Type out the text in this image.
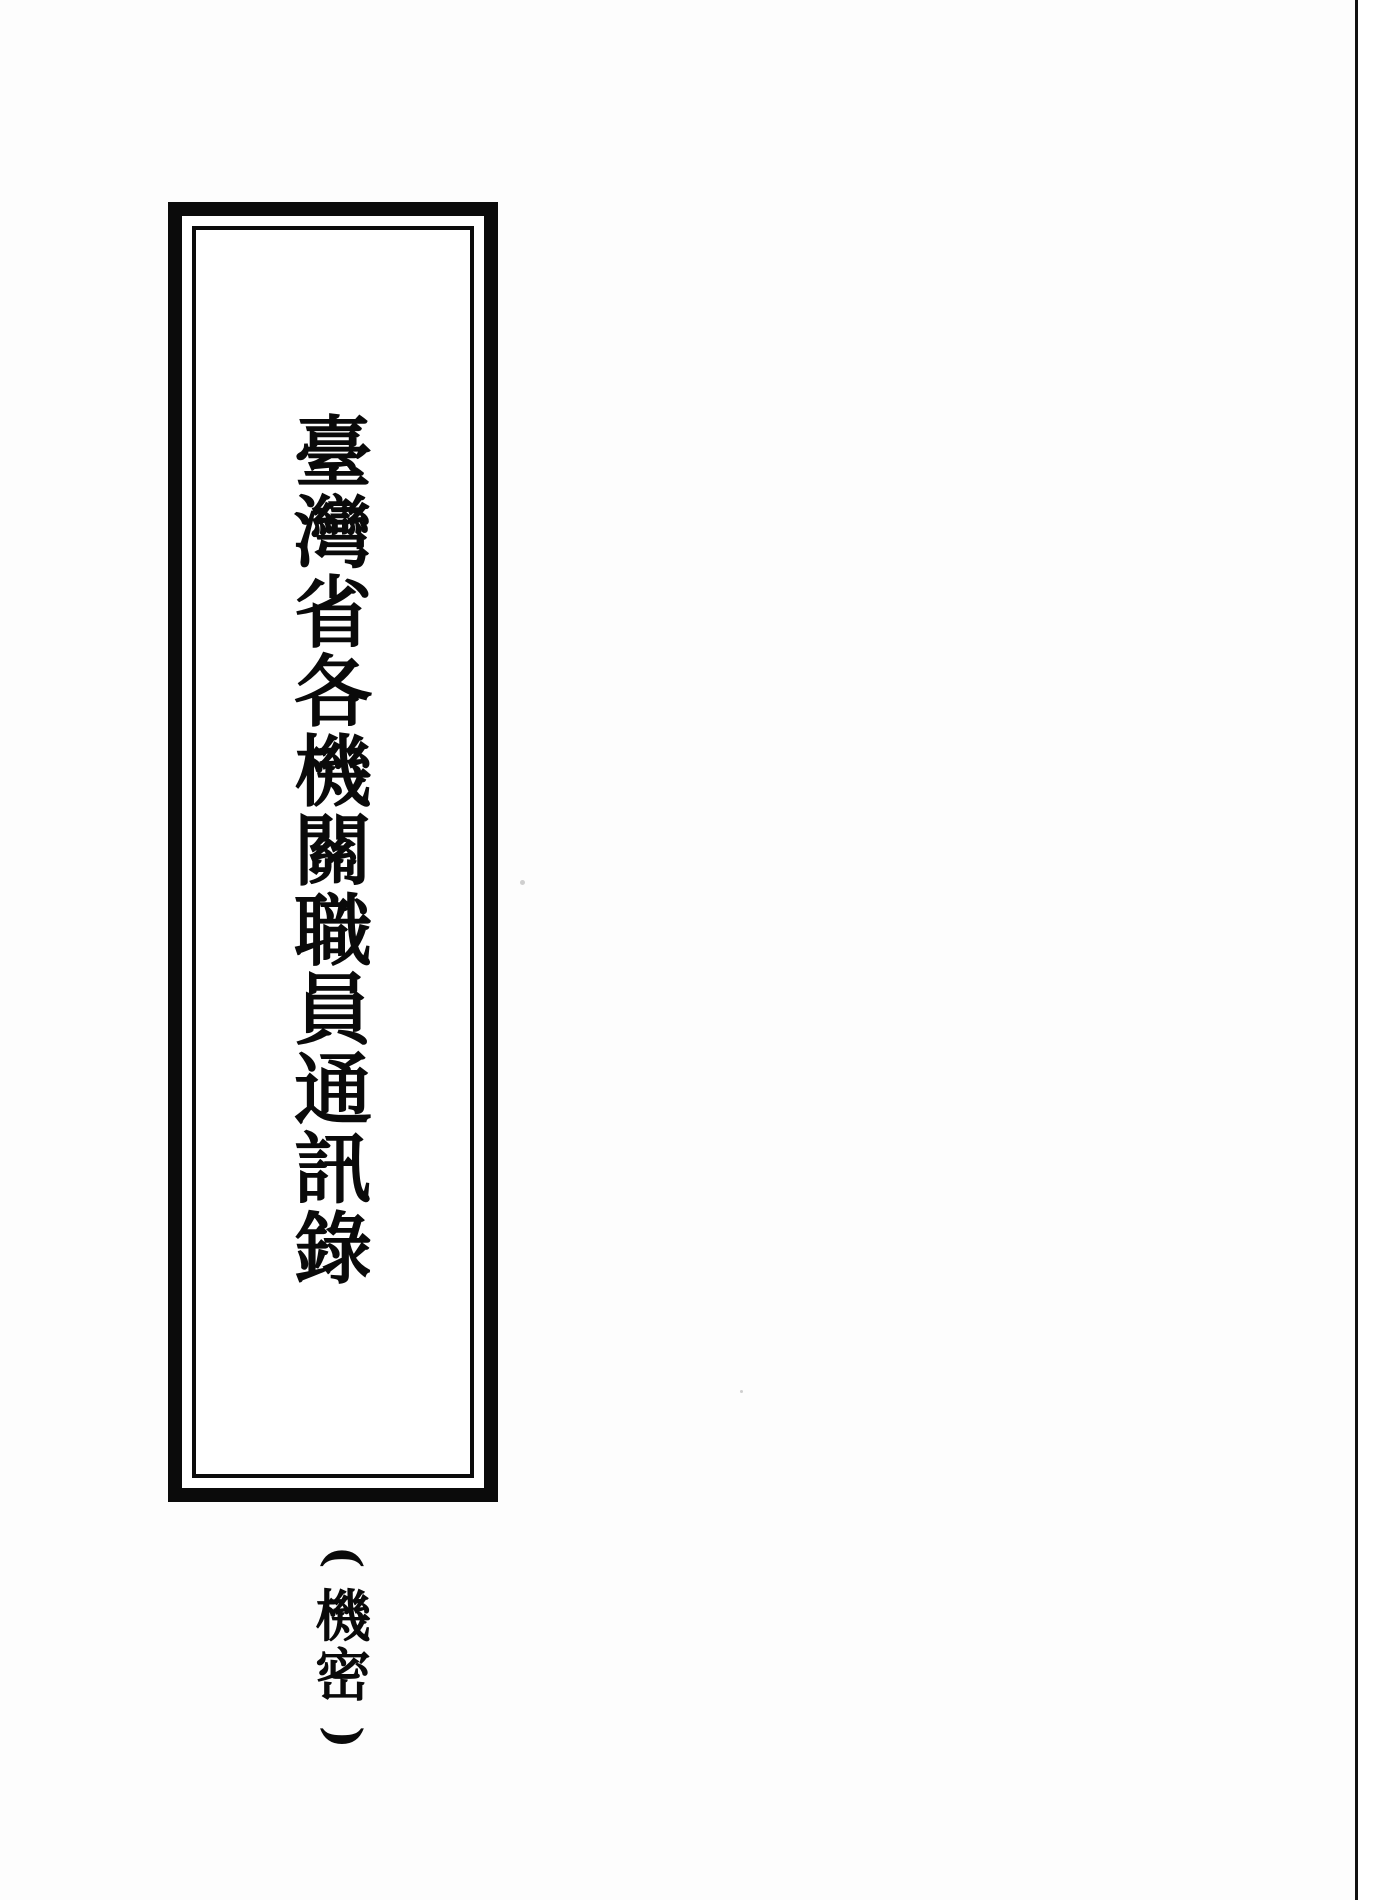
臺
灣
省
各
機
關
職
員
通
訊
錄
(
機
密
)
